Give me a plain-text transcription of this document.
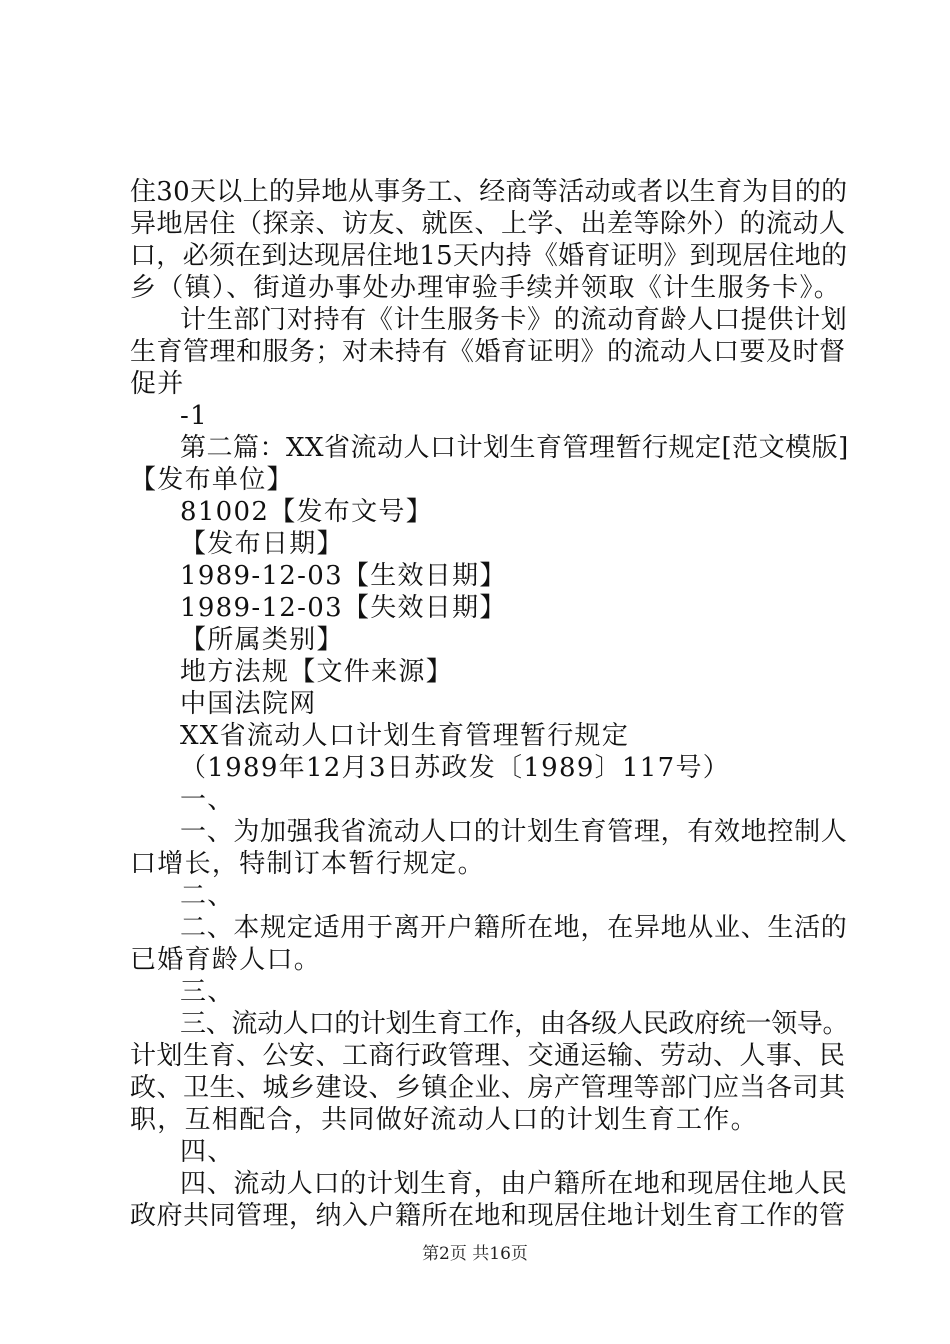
住30天以上的异地从事务工、经商等活动或者以生育为目的的
异地居住（探亲、访友、就医、上学、出差等除外）的流动人
口，必须在到达现居住地15天内持《婚育证明》到现居住地的
乡（镇）、街道办事处办理审验手续并领取《计生服务卡》。
计生部门对持有《计生服务卡》的流动育龄人口提供计划
生育管理和服务；对未持有《婚育证明》的流动人口要及时督
促并
-1
第二篇：XX省流动人口计划生育管理暂行规定[范文模版]
【发布单位】
81002【发布文号】
【发布日期】
1989-12-03【生效日期】
1989-12-03【失效日期】
【所属类别】
地方法规【文件来源】
中国法院网
XX省流动人口计划生育管理暂行规定
（1989年12月3日苏政发〔1989〕117号）
一、
一、为加强我省流动人口的计划生育管理，有效地控制人
口增长，特制订本暂行规定。
二、
二、本规定适用于离开户籍所在地，在异地从业、生活的
已婚育龄人口。
三、
三、流动人口的计划生育工作，由各级人民政府统一领导。
计划生育、公安、工商行政管理、交通运输、劳动、人事、民
政、卫生、城乡建设、乡镇企业、房产管理等部门应当各司其
职，互相配合，共同做好流动人口的计划生育工作。
四、
四、流动人口的计划生育，由户籍所在地和现居住地人民
政府共同管理，纳入户籍所在地和现居住地计划生育工作的管
第2页 共16页
